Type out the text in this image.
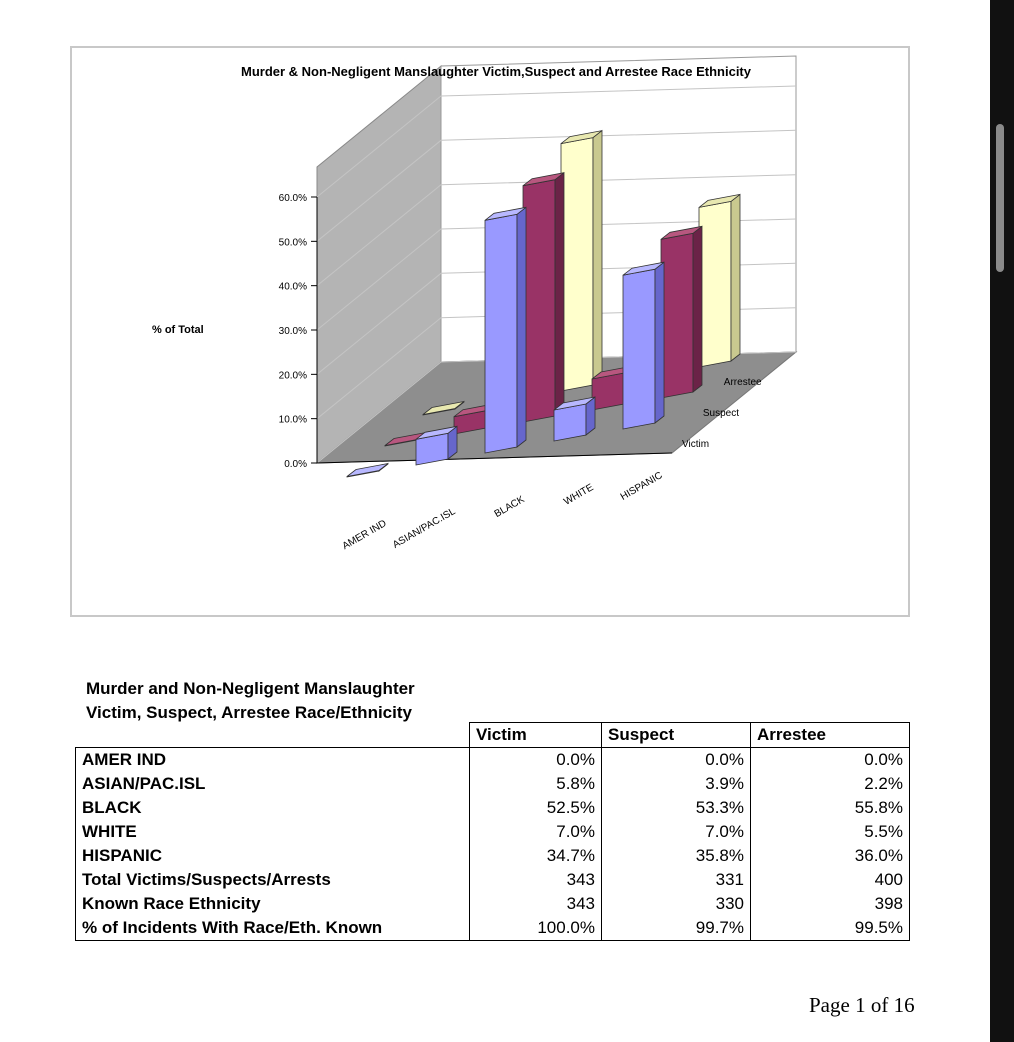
0.0%
10.0%
20.0%
30.0%
40.0%
50.0%
60.0%
AMER IND ASIAN/PAC.ISL	BLACK	WHITE HISPANIC
Victim
Suspect
Arrestee
Murder & Non-Negligent Manslaughter Victim,Suspect and Arrestee Race Ethnicity
% of Total
Murder and Non-Negligent Manslaughter
Victim, Suspect, Arrestee Race/Ethnicity
	Victim	Suspect	Arrestee
AMER IND	0.0%	0.0%	0.0%
ASIAN/PAC.ISL	5.8%	3.9%	2.2%
BLACK	52.5%	53.3%	55.8%
WHITE	7.0%	7.0%	5.5%
HISPANIC	34.7%	35.8%	36.0%
Total Victims/Suspects/Arrests	343	331	400
Known Race Ethnicity	343	330	398
% of Incidents With Race/Eth. Known	100.0%	99.7%	99.5%
Page 1 of 16
